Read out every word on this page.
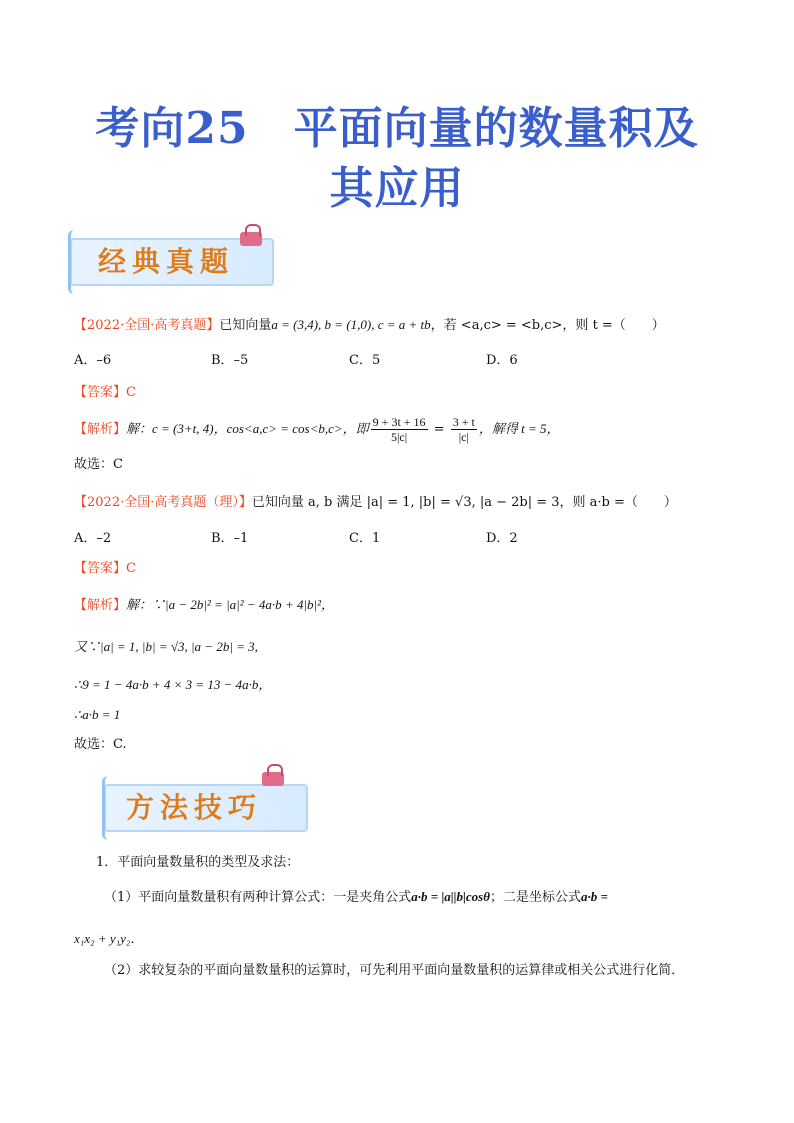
考向25　平面向量的数量积及
其应用
经典真题
【2022·全国·高考真题】已知向量a = (3,4), b = (1,0), c = a + tb，若 <a,c> = <b,c>，则 t =（　　）
A．–6	B．–5	C．5	D．6
【答案】C
【解析】解：c = (3+t, 4)，cos<a,c> = cos<b,c>，即 $\frac{9 + 3t + 16}{5|c|} = \frac{3 + t}{|c|}$ ，解得 t = 5，
故选：C
【2022·全国·高考真题（理）】已知向量 a, b 满足 |a| = 1, |b| = √3, |a − 2b| = 3，则 a·b =（　　）
A．–2	B．–1	C．1	D．2
【答案】C
【解析】解：∵|a − 2b|² = |a|² − 4a·b + 4|b|²，
又∵|a| = 1, |b| = √3, |a − 2b| = 3,
∴9 = 1 − 4a·b + 4 × 3 = 13 − 4a·b，
∴a·b = 1
故选：C.
方法技巧
1．平面向量数量积的类型及求法：
（1）平面向量数量积有两种计算公式：一是夹角公式a·b = |a||b|cosθ；二是坐标公式a·b =
x₁x₂ + y₁y₂．
（2）求较复杂的平面向量数量积的运算时，可先利用平面向量数量积的运算律或相关公式进行化简．
